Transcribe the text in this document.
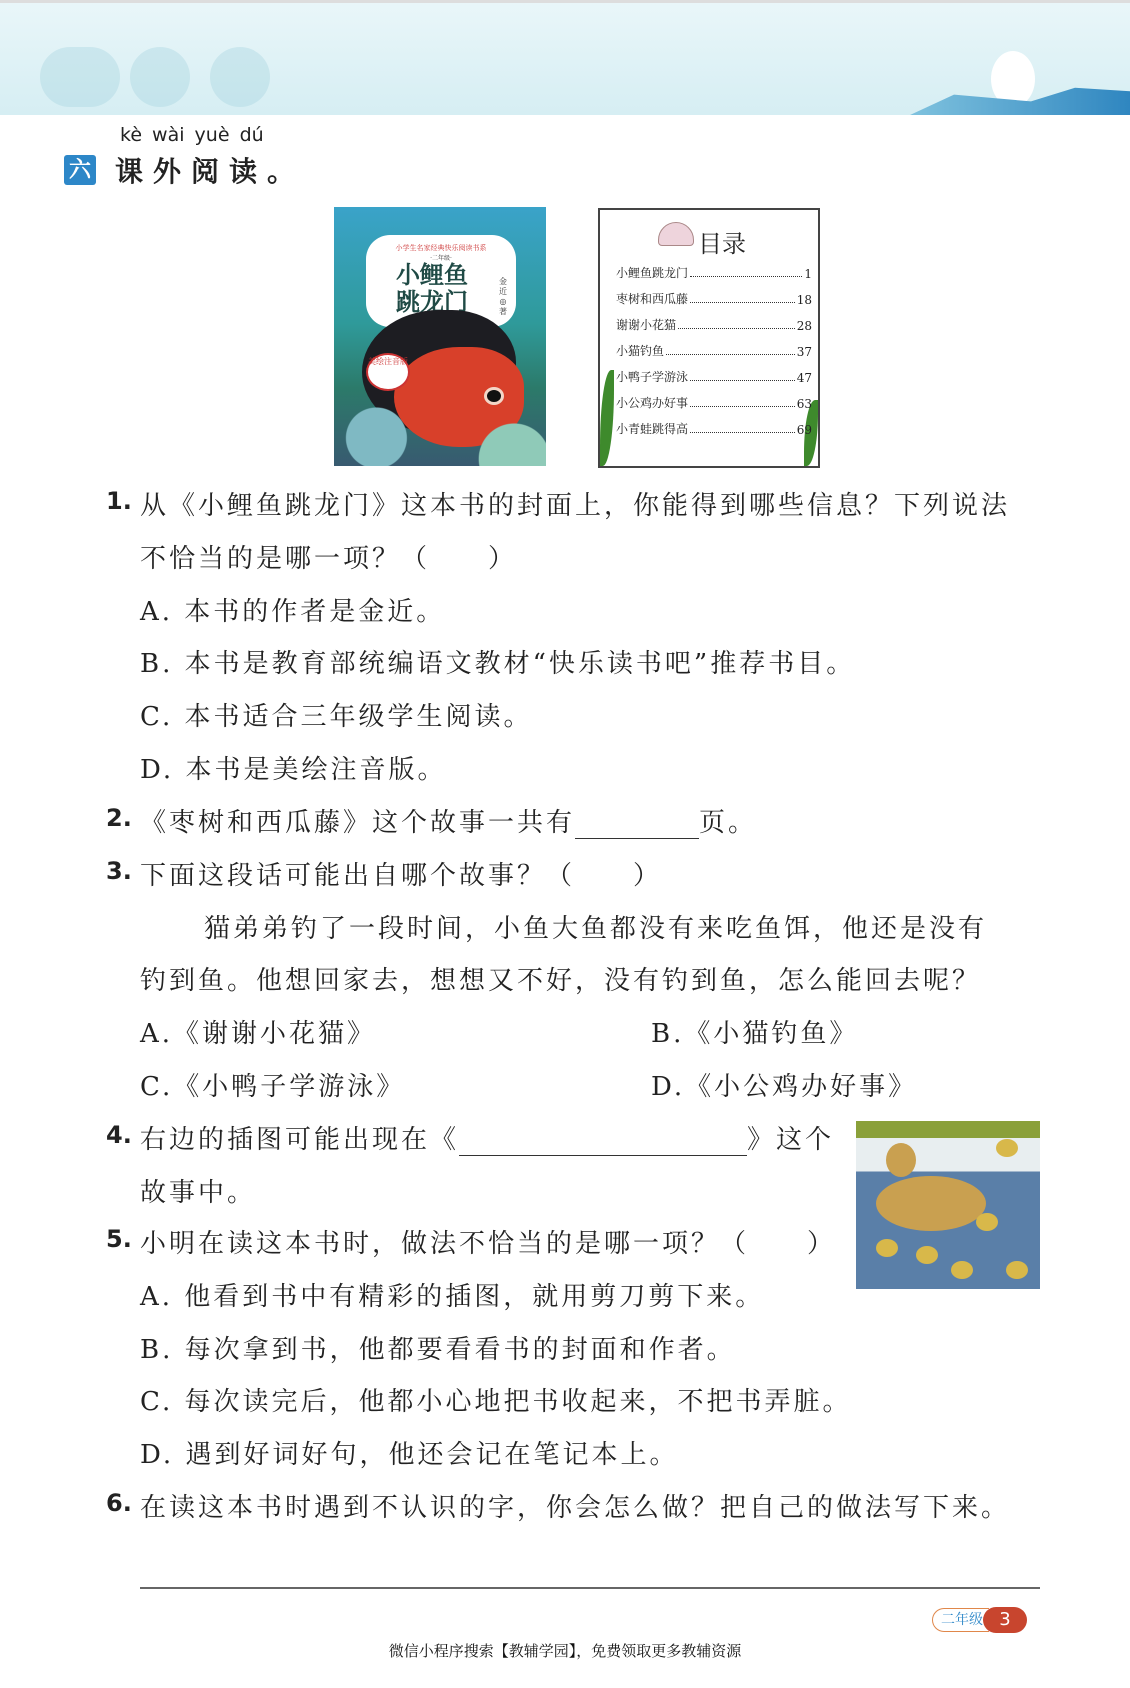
kè wài yuè dú
六 课外阅读。
小学生名家经典快乐阅读书系
·二年级·
小鲤鱼
跳龙门
金近◎著
美绘注音版
目录
小鲤鱼跳龙门	1
枣树和西瓜藤	18
谢谢小花猫	28
小猫钓鱼	37
小鸭子学游泳	47
小公鸡办好事	63
小青蛙跳得高	69
1. 从《小鲤鱼跳龙门》这本书的封面上，你能得到哪些信息？下列说法
不恰当的是哪一项？（　　）
A. 本书的作者是金近。
B. 本书是教育部统编语文教材“快乐读书吧”推荐书目。
C. 本书适合三年级学生阅读。
D. 本书是美绘注音版。
2. 《枣树和西瓜藤》这个故事一共有	页。
3. 下面这段话可能出自哪个故事？（　　）
猫弟弟钓了一段时间，小鱼大鱼都没有来吃鱼饵，他还是没有
钓到鱼。他想回家去，想想又不好，没有钓到鱼，怎么能回去呢？
A.《谢谢小花猫》	B.《小猫钓鱼》
C.《小鸭子学游泳》	D.《小公鸡办好事》
4. 右边的插图可能出现在《	》这个
故事中。
5. 小明在读这本书时，做法不恰当的是哪一项？（　　）
A. 他看到书中有精彩的插图，就用剪刀剪下来。
B. 每次拿到书，他都要看看书的封面和作者。
C. 每次读完后，他都小心地把书收起来，不把书弄脏。
D. 遇到好词好句，他还会记在笔记本上。
6. 在读这本书时遇到不认识的字，你会怎么做？把自己的做法写下来。
二年级 3
微信小程序搜索【教辅学园】，免费领取更多教辅资源
